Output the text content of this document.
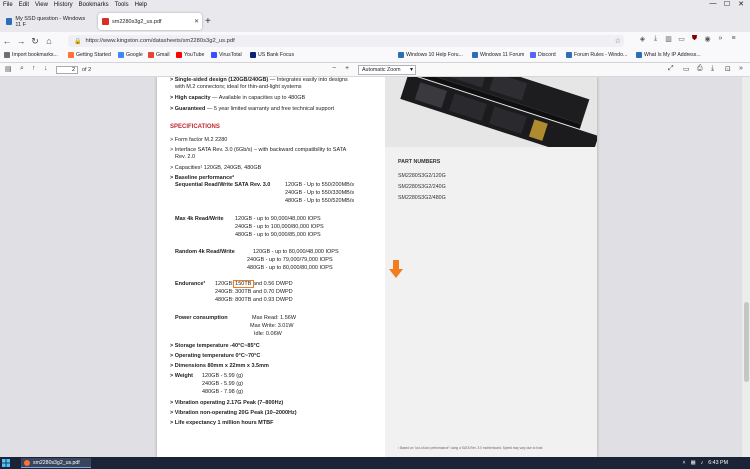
File	Edit	View	History	Bookmarks	Tools	Help	—	☐	✕
My SSD question - Windows 11 F	sm2280s3g2_us.pdf	✕ +
← → ↻ ⌂	🔒 https://www.kingston.com/datasheets/sm2280s3g2_us.pdf	☆	◈	⤓	▥ ▭	⛊	◉	»	≡
Import bookmarks...	Getting Started	Google	Gmail	YouTube	VirusTotal	US Bank Focus	Windows 10 Help Foru...	Windows 11 Forum	Discord	Forum Rules - Windo...	What Is My IP Address...
▤ ⌕ ↑ ↓	2	of 2	− +	Automatic Zoom ▾	⤢ ▭ ⎙ ⤓ ⊡ »
PART NUMBERS
SM2280S3G2/120G
SM2280S3G2/240G
SM2280S3G2/480G
² Based on "out-of-box performance" using a SATA Rev. 3.0 motherboard. Speed may vary due to host
> Single-sided design (120GB/240GB) — Integrates easily into designs
with M.2 connectors; ideal for thin-and-light systems
> High capacity — Available in capacities up to 480GB
> Guaranteed — 5 year limited warranty and free technical support
SPECIFICATIONS
> Form factor M.2 2280
> Interface SATA Rev. 3.0 (6Gb/s) – with backward compatibility to SATA
Rev. 2.0
> Capacities¹ 120GB, 240GB, 480GB
> Baseline performance²
Sequential Read/Write SATA Rev. 3.0	120GB - Up to 550/200MB/s
240GB - Up to 550/330MB/s
480GB - Up to 550/520MB/s
Max 4k Read/Write 120GB - up to 90,000/48,000 IOPS
240GB - up to 100,000/80,000 IOPS
480GB - up to 90,000/85,000 IOPS
Random 4k Read/Write	120GB - up to 80,000/48,000 IOPS
240GB - up to 79,000/79,000 IOPS
480GB - up to 80,000/80,000 IOPS
Endurance³ 120GB: 150TB and 0.56 DWPD
240GB: 300TB and 0.70 DWPD
480GB: 800TB and 0.93 DWPD
Power consumption	Max Read: 1.56W
Max Write: 3.01W
Idle: 0.06W
> Storage temperature -40°C~85°C
> Operating temperature 0°C~70°C
> Dimensions 80mm x 22mm x 3.5mm
> Weight 120GB - 5.99 (g)
240GB - 5.99 (g)
480GB - 7.98 (g)
> Vibration operating 2.17G Peak (7–800Hz)
> Vibration non-operating 20G Peak (10–2000Hz)
> Life expectancy 1 million hours MTBF
sm2280s3g2_us.pdf	˄ ▦ ♪ 6:43 PM
